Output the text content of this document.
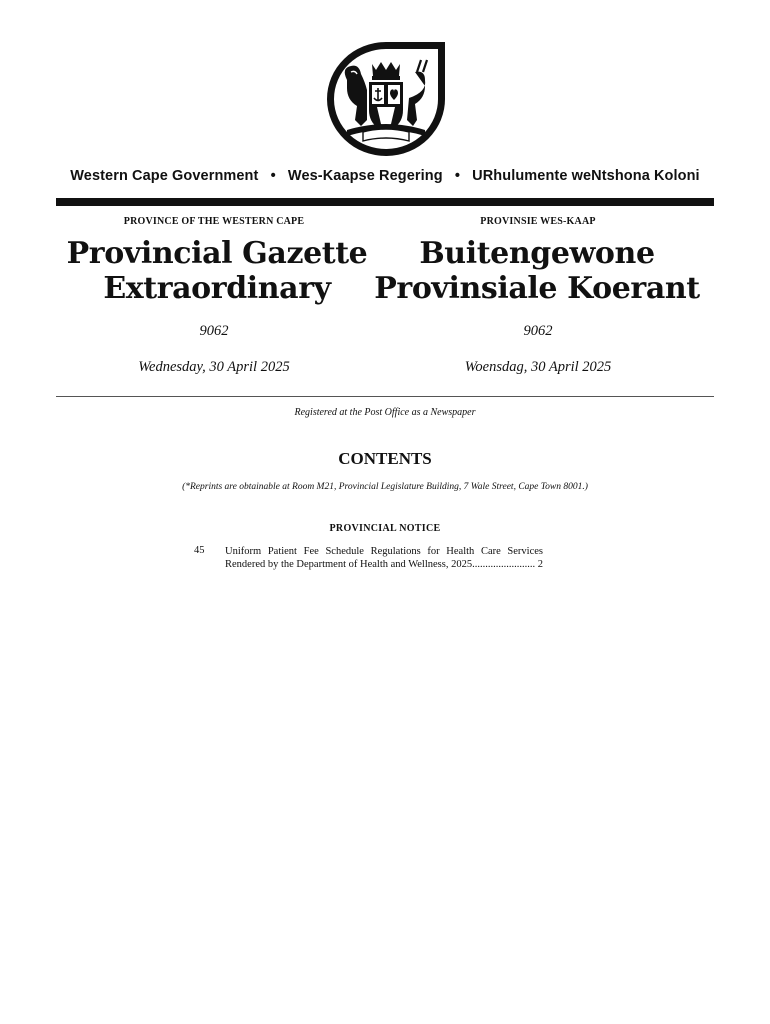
Western Cape Government • Wes-Kaapse Regering • URhulumente weNtshona Koloni
PROVINCE OF THE WESTERN CAPE	PROVINSIE WES-KAAP
Provincial Gazette
Extraordinary
Buitengewone
Provinsiale Koerant
9062	9062
Wednesday, 30 April 2025	Woensdag, 30 April 2025
Registered at the Post Office as a Newspaper
CONTENTS
(*Reprints are obtainable at Room M21, Provincial Legislature Building, 7 Wale Street, Cape Town 8001.)
PROVINCIAL NOTICE
45 Uniform Patient Fee Schedule Regulations for Health Care Services
Rendered by the Department of Health and Wellness, 2025
.....	2
